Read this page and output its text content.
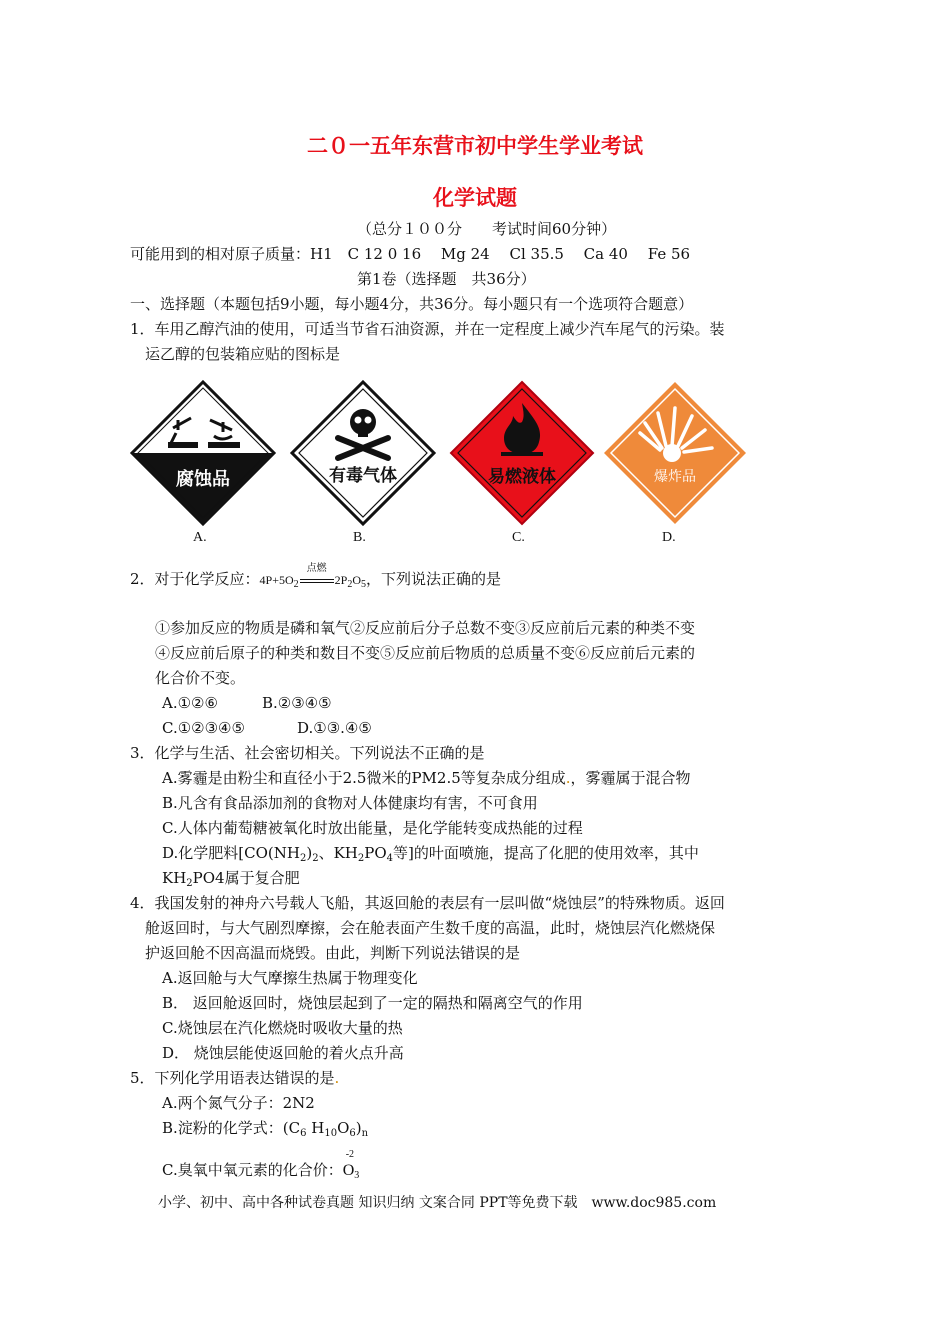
二０一五年东营市初中学生学业考试
化学试题
（总分１００分　　考试时间60分钟）
可能用到的相对原子质量：H1　C 12 0 16　 Mg 24　 Cl 35.5　 Ca 40　 Fe 56
第1卷（选择题　共36分）
一、选择题（本题包括9小题，每小题4分，共36分。每小题只有一个选项符合题意）
1．车用乙醇汽油的使用，可适当节省石油资源，并在一定程度上减少汽车尾气的污染。装
运乙醇的包装箱应贴的图标是
腐蚀品	有毒气体	易燃液体	爆炸品
A.	B.	C.	D.
2．对于化学反应：$4P+5O_2$
点燃
$2P_2O_5$，下列说法正确的是
①参加反应的物质是磷和氧气②反应前后分子总数不变③反应前后元素的种类不变
④反应前后原子的种类和数目不变⑤反应前后物质的总质量不变⑥反应前后元素的
化合价不变。
A.①②⑥	B.②③④⑤
C.①②③④⑤	D.①③.④⑤
3．化学与生活、社会密切相关。下列说法不正确的是
A.雾霾是由粉尘和直径小于2.5微米的PM2.5等复杂成分组成.，雾霾属于混合物
B.凡含有食品添加剂的食物对人体健康均有害，不可食用
C.人体内葡萄糖被氧化时放出能量，是化学能转变成热能的过程
D.化学肥料[$CO(NH_2)_2$、$KH_2PO_4$等]的叶面喷施，提高了化肥的使用效率，其中
$KH_2PO4$属于复合肥
4．我国发射的神舟六号载人飞船，其返回舱的表层有一层叫做“烧蚀层”的特殊物质。返回
舱返回时，与大气剧烈摩擦，会在舱表面产生数千度的高温，此时，烧蚀层汽化燃烧保
护返回舱不因高温而烧毁。由此，判断下列说法错误的是
A.返回舱与大气摩擦生热属于物理变化
B． 返回舱返回时，烧蚀层起到了一定的隔热和隔离空气的作用
C.烧蚀层在汽化燃烧时吸收大量的热
D． 烧蚀层能使返回舱的着火点升高
5．下列化学用语表达错误的是.
A.两个氮气分子：2N2
B.淀粉的化学式：($C_6$ $H_{10}O_6)_n$
C.臭氧中氧元素的化合价：
-2
O3
小学、初中、高中各种试卷真题 知识归纳 文案合同 PPT等免费下载　www.doc985.com
